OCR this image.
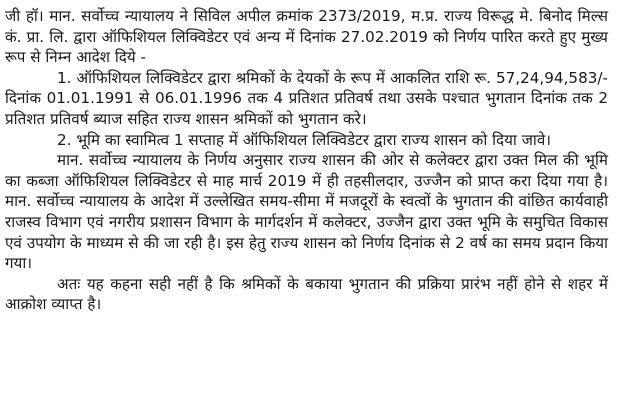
जी हॉ। मान. सर्वोच्च न्यायालय ने सिविल अपील क्रमांक 2373/2019, म.प्र. राज्य विरूद्ध मे. बिनोद मिल्स कं. प्रा. लि. द्वारा ऑफिशियल लिक्विडेटर एवं अन्य में दिनांक 27.02.2019 को निर्णय पारित करते हुए मुख्य रूप से निम्न आदेश दिये -

1. ऑफिशियल लिक्विडेटर द्वारा श्रमिकों के देयकों के रूप में आकलित राशि रू. 57,24,94,583/- दिनांक 01.01.1991 से 06.01.1996 तक 4 प्रतिशत प्रतिवर्ष तथा उसके पश्चात भुगतान दिनांक तक 2 प्रतिशत प्रतिवर्ष ब्याज सहित राज्य शासन श्रमिकों को भुगतान करे।

2. भूमि का स्वामित्व 1 सप्ताह में ऑफिशियल लिक्विडेटर द्वारा राज्य शासन को दिया जावे।

मान. सर्वोच्च न्यायालय के निर्णय अनुसार राज्य शासन की ओर से कलेक्टर द्वारा उक्त मिल की भूमि का कब्जा ऑफिशियल लिक्विडेटर से माह मार्च 2019 में ही तहसीलदार, उज्जैन को प्राप्त करा दिया गया है। मान. सर्वोच्च न्यायालय के आदेश में उल्लेखित समय-सीमा में मजदूरों के स्वत्वों के भुगतान की वांछित कार्यवाही राजस्व विभाग एवं नगरीय प्रशासन विभाग के मार्गदर्शन में कलेक्टर, उज्जैन द्वारा उक्त भूमि के समुचित विकास एवं उपयोग के माध्यम से की जा रही है। इस हेतु राज्य शासन को निर्णय दिनांक से 2 वर्ष का समय प्रदान किया गया।

अतः यह कहना सही नहीं है कि श्रमिकों के बकाया भुगतान की प्रक्रिया प्रारंभ नहीं होने से शहर में आक्रोश व्याप्त है।
